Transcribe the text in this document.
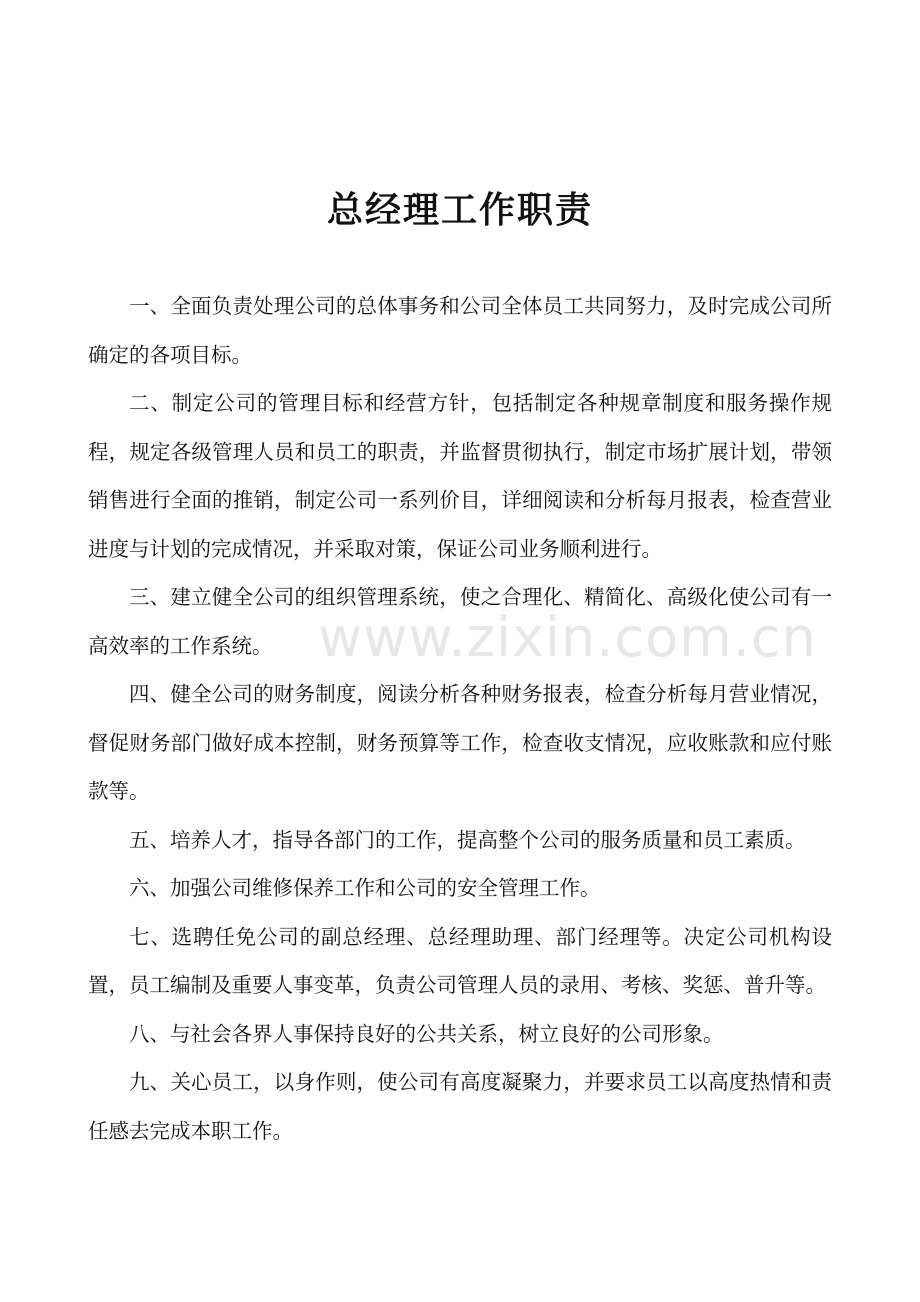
总经理工作职责

一、全面负责处理公司的总体事务和公司全体员工共同努力，及时完成公司所确定的各项目标。

二、制定公司的管理目标和经营方针，包括制定各种规章制度和服务操作规程，规定各级管理人员和员工的职责，并监督贯彻执行，制定市场扩展计划，带领销售进行全面的推销，制定公司一系列价目，详细阅读和分析每月报表，检查营业进度与计划的完成情况，并采取对策，保证公司业务顺利进行。

三、建立健全公司的组织管理系统，使之合理化、精简化、高级化使公司有一高效率的工作系统。

四、健全公司的财务制度，阅读分析各种财务报表，检查分析每月营业情况，督促财务部门做好成本控制，财务预算等工作，检查收支情况，应收账款和应付账款等。

五、培养人才，指导各部门的工作，提高整个公司的服务质量和员工素质。

六、加强公司维修保养工作和公司的安全管理工作。

七、选聘任免公司的副总经理、总经理助理、部门经理等。决定公司机构设置，员工编制及重要人事变革，负责公司管理人员的录用、考核、奖惩、普升等。

八、与社会各界人事保持良好的公共关系，树立良好的公司形象。

九、关心员工，以身作则，使公司有高度凝聚力，并要求员工以高度热情和责任感去完成本职工作。

www.zixin.com.cn
